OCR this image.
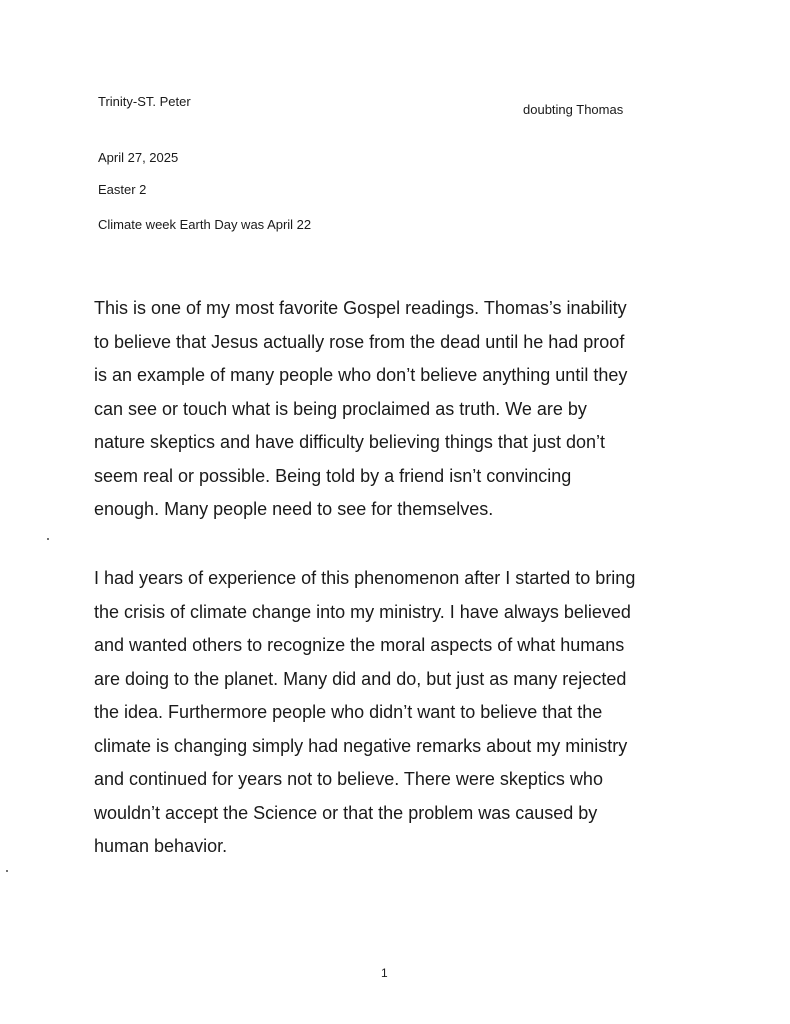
Trinity-ST. Peter
doubting Thomas
April 27, 2025
Easter 2
Climate week Earth Day was April 22

This is one of my most favorite Gospel readings. Thomas’s inability
to believe that Jesus actually rose from the dead until he had proof
is an example of many people who don’t believe anything until they
can see or touch what is being proclaimed as truth. We are by
nature skeptics and have difficulty believing things that just don’t
seem real or possible. Being told by a friend isn’t convincing
enough. Many people need to see for themselves.

I had years of experience of this phenomenon after I started to bring
the crisis of climate change into my ministry. I have always believed
and wanted others to recognize the moral aspects of what humans
are doing to the planet. Many did and do, but just as many rejected
the idea. Furthermore people who didn’t want to believe that the
climate is changing simply had negative remarks about my ministry
and continued for years not to believe. There were skeptics who
wouldn’t accept the Science or that the problem was caused by
human behavior.

1
